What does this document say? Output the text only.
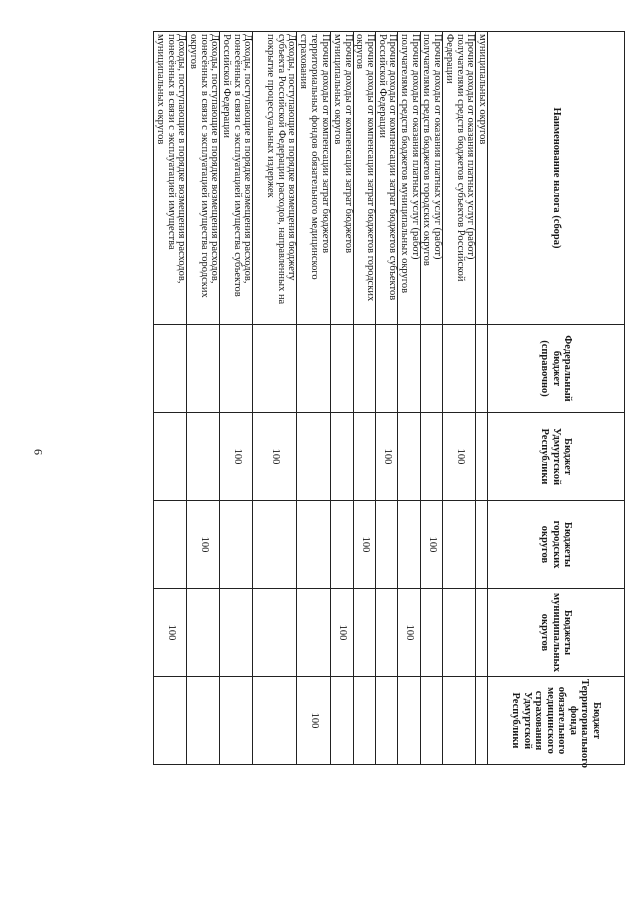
9
Наименование налога (сбора)	Федеральный бюджет (справочно)	Бюджет Удмуртской Республики	Бюджеты городских округов	Бюджеты муниципальных округов	Бюджет Территориального фонда обязательного медицинского страхования Удмуртской Республики
муниципальных округов					
Прочие доходы от оказания платных услуг (работ) получателями средств бюджетов субъектов Российской Федерации		100			
Прочие доходы от оказания платных услуг (работ) получателями средств бюджетов городских округов			100		
Прочие доходы от оказания платных услуг (работ) получателями средств бюджетов муниципальных округов				100	
Прочие доходы от компенсации затрат бюджетов субъектов Российской Федерации		100			
Прочие доходы от компенсации затрат бюджетов городских округов			100		
Прочие доходы от компенсации затрат бюджетов муниципальных округов				100	
Прочие доходы от компенсации затрат бюджетов территориальных фондов обязательного медицинского страхования					100
Доходы, поступающие в порядке возмещения бюджету субъекта Российской Федерации расходов, направленных на покрытие процессуальных издержек		100			
Доходы, поступающие в порядке возмещения расходов, понесённых в связи с эксплуатацией имущества субъектов Российской Федерации		100			
Доходы, поступающие в порядке возмещения расходов, понесённых в связи с эксплуатацией имущества городских округов			100		
Доходы, поступающие в порядке возмещения расходов, понесённых в связи с эксплуатацией имущества муниципальных округов				100	
